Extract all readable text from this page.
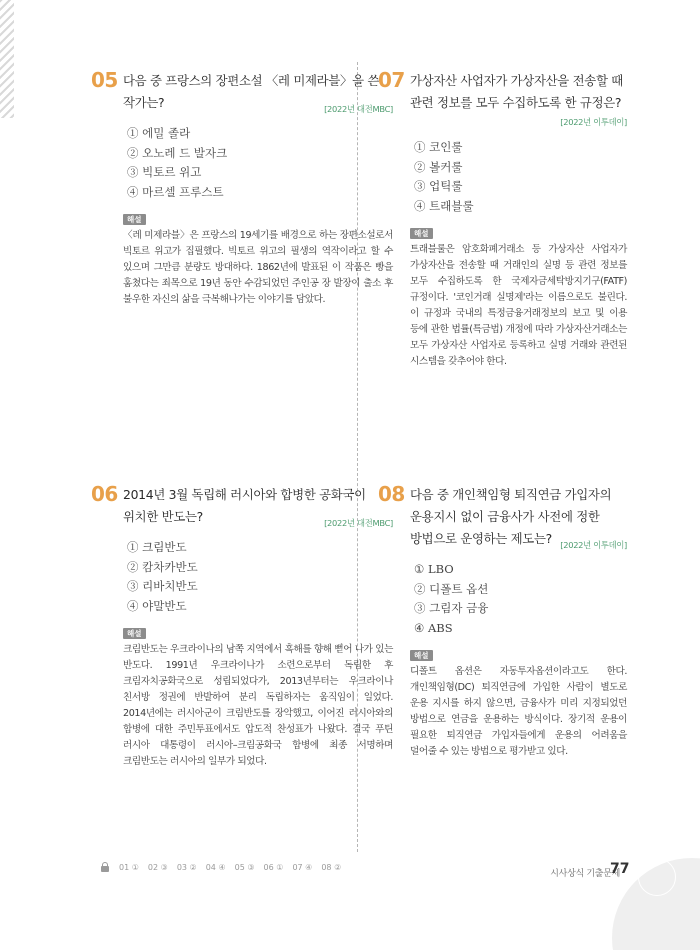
05 다음 중 프랑스의 장편소설 〈레 미제라블〉을 쓴 작가는?	[2022년 대전MBC]

① 에밀 졸라
② 오노레 드 발자크
③ 빅토르 위고
④ 마르셀 프루스트
해설

〈레 미제라블〉은 프랑스의 19세기를 배경으로 하는 장편소설로서 빅토르 위고가 집필했다. 빅토르 위고의 필생의 역작이라고 할 수 있으며 그만큼 분량도 방대하다. 1862년에 발표된 이 작품은 빵을 훔쳤다는 죄목으로 19년 동안 수감되었던 주인공 장 발장이 출소 후 불우한 자신의 삶을 극복해나가는 이야기를 담았다.

06 2014년 3월 독립해 러시아와 합병한 공화국이 위치한 반도는?	[2022년 대전MBC]

① 크림반도
② 캄차카반도
③ 리바치반도
④ 야말반도
해설

크림반도는 우크라이나의 남쪽 지역에서 흑해를 향해 뻗어 나가 있는 반도다. 1991년 우크라이나가 소련으로부터 독립한 후 크림자치공화국으로 성립되었다가, 2013년부터는 우크라이나 친서방 정권에 반발하여 분리 독립하자는 움직임이 일었다. 2014년에는 러시아군이 크림반도를 장악했고, 이어진 러시아와의 합병에 대한 주민투표에서도 압도적 찬성표가 나왔다. 결국 푸틴 러시아 대통령이 러시아–크림공화국 합병에 최종 서명하며 크림반도는 러시아의 일부가 되었다.

07 가상자산 사업자가 가상자산을 전송할 때 관련 정보를 모두 수집하도록 한 규정은?

[2022년 이투데이]
① 코인룰
② 볼커룰
③ 업틱룰
④ 트래블룰
해설

트래블룰은 암호화폐거래소 등 가상자산 사업자가 가상자산을 전송할 때 거래인의 실명 등 관련 정보를 모두 수집하도록 한 국제자금세탁방지기구(FATF) 규정이다. '코인거래 실명제'라는 이름으로도 불린다. 이 규정과 국내의 특정금융거래정보의 보고 및 이용 등에 관한 법률(특금법) 개정에 따라 가상자산거래소는 모두 가상자산 사업자로 등록하고 실명 거래와 관련된 시스템을 갖추어야 한다.

08 다음 중 개인책임형 퇴직연금 가입자의 운용지시 없이 금융사가 사전에 정한 방법으로 운영하는 제도는? [2022년 이투데이]

① LBO
② 디폴트 옵션
③ 그림자 금융
④ ABS
해설

디폴트 옵션은 자동투자옵션이라고도 한다. 개인책임형(DC) 퇴직연금에 가입한 사람이 별도로 운용 지시를 하지 않으면, 금융사가 미리 지정되었던 방법으로 연금을 운용하는 방식이다. 장기적 운용이 필요한 퇴직연금 가입자들에게 운용의 어려움을 덜어줄 수 있는 방법으로 평가받고 있다.

01 ① 02 ③ 03 ② 04 ④ 05 ③ 06 ① 07 ④ 08 ②
시사상식 기출문제
77
